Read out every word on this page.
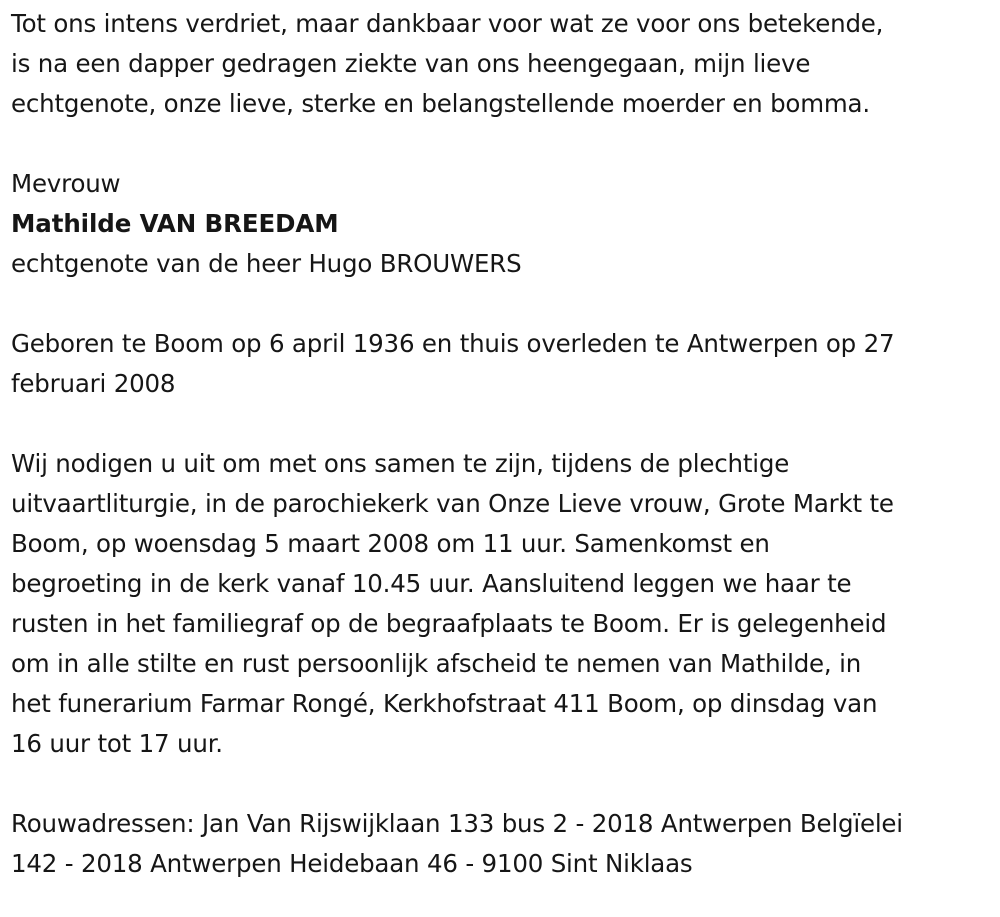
Tot ons intens verdriet, maar dankbaar voor wat ze voor ons betekende,
is na een dapper gedragen ziekte van ons heengegaan, mijn lieve
echtgenote, onze lieve, sterke en belangstellende moerder en bomma.

Mevrouw

Mathilde VAN BREEDAM

echtgenote van de heer Hugo BROUWERS

Geboren te Boom op 6 april 1936 en thuis overleden te Antwerpen op 27
februari 2008

Wij nodigen u uit om met ons samen te zijn, tijdens de plechtige
uitvaartliturgie, in de parochiekerk van Onze Lieve vrouw, Grote Markt te
Boom, op woensdag 5 maart 2008 om 11 uur. Samenkomst en
begroeting in de kerk vanaf 10.45 uur. Aansluitend leggen we haar te
rusten in het familiegraf op de begraafplaats te Boom. Er is gelegenheid
om in alle stilte en rust persoonlijk afscheid te nemen van Mathilde, in
het funerarium Farmar Rongé, Kerkhofstraat 411 Boom, op dinsdag van
16 uur tot 17 uur.

Rouwadressen: Jan Van Rijswijklaan 133 bus 2 - 2018 Antwerpen Belgïelei
142 - 2018 Antwerpen Heidebaan 46 - 9100 Sint Niklaas
